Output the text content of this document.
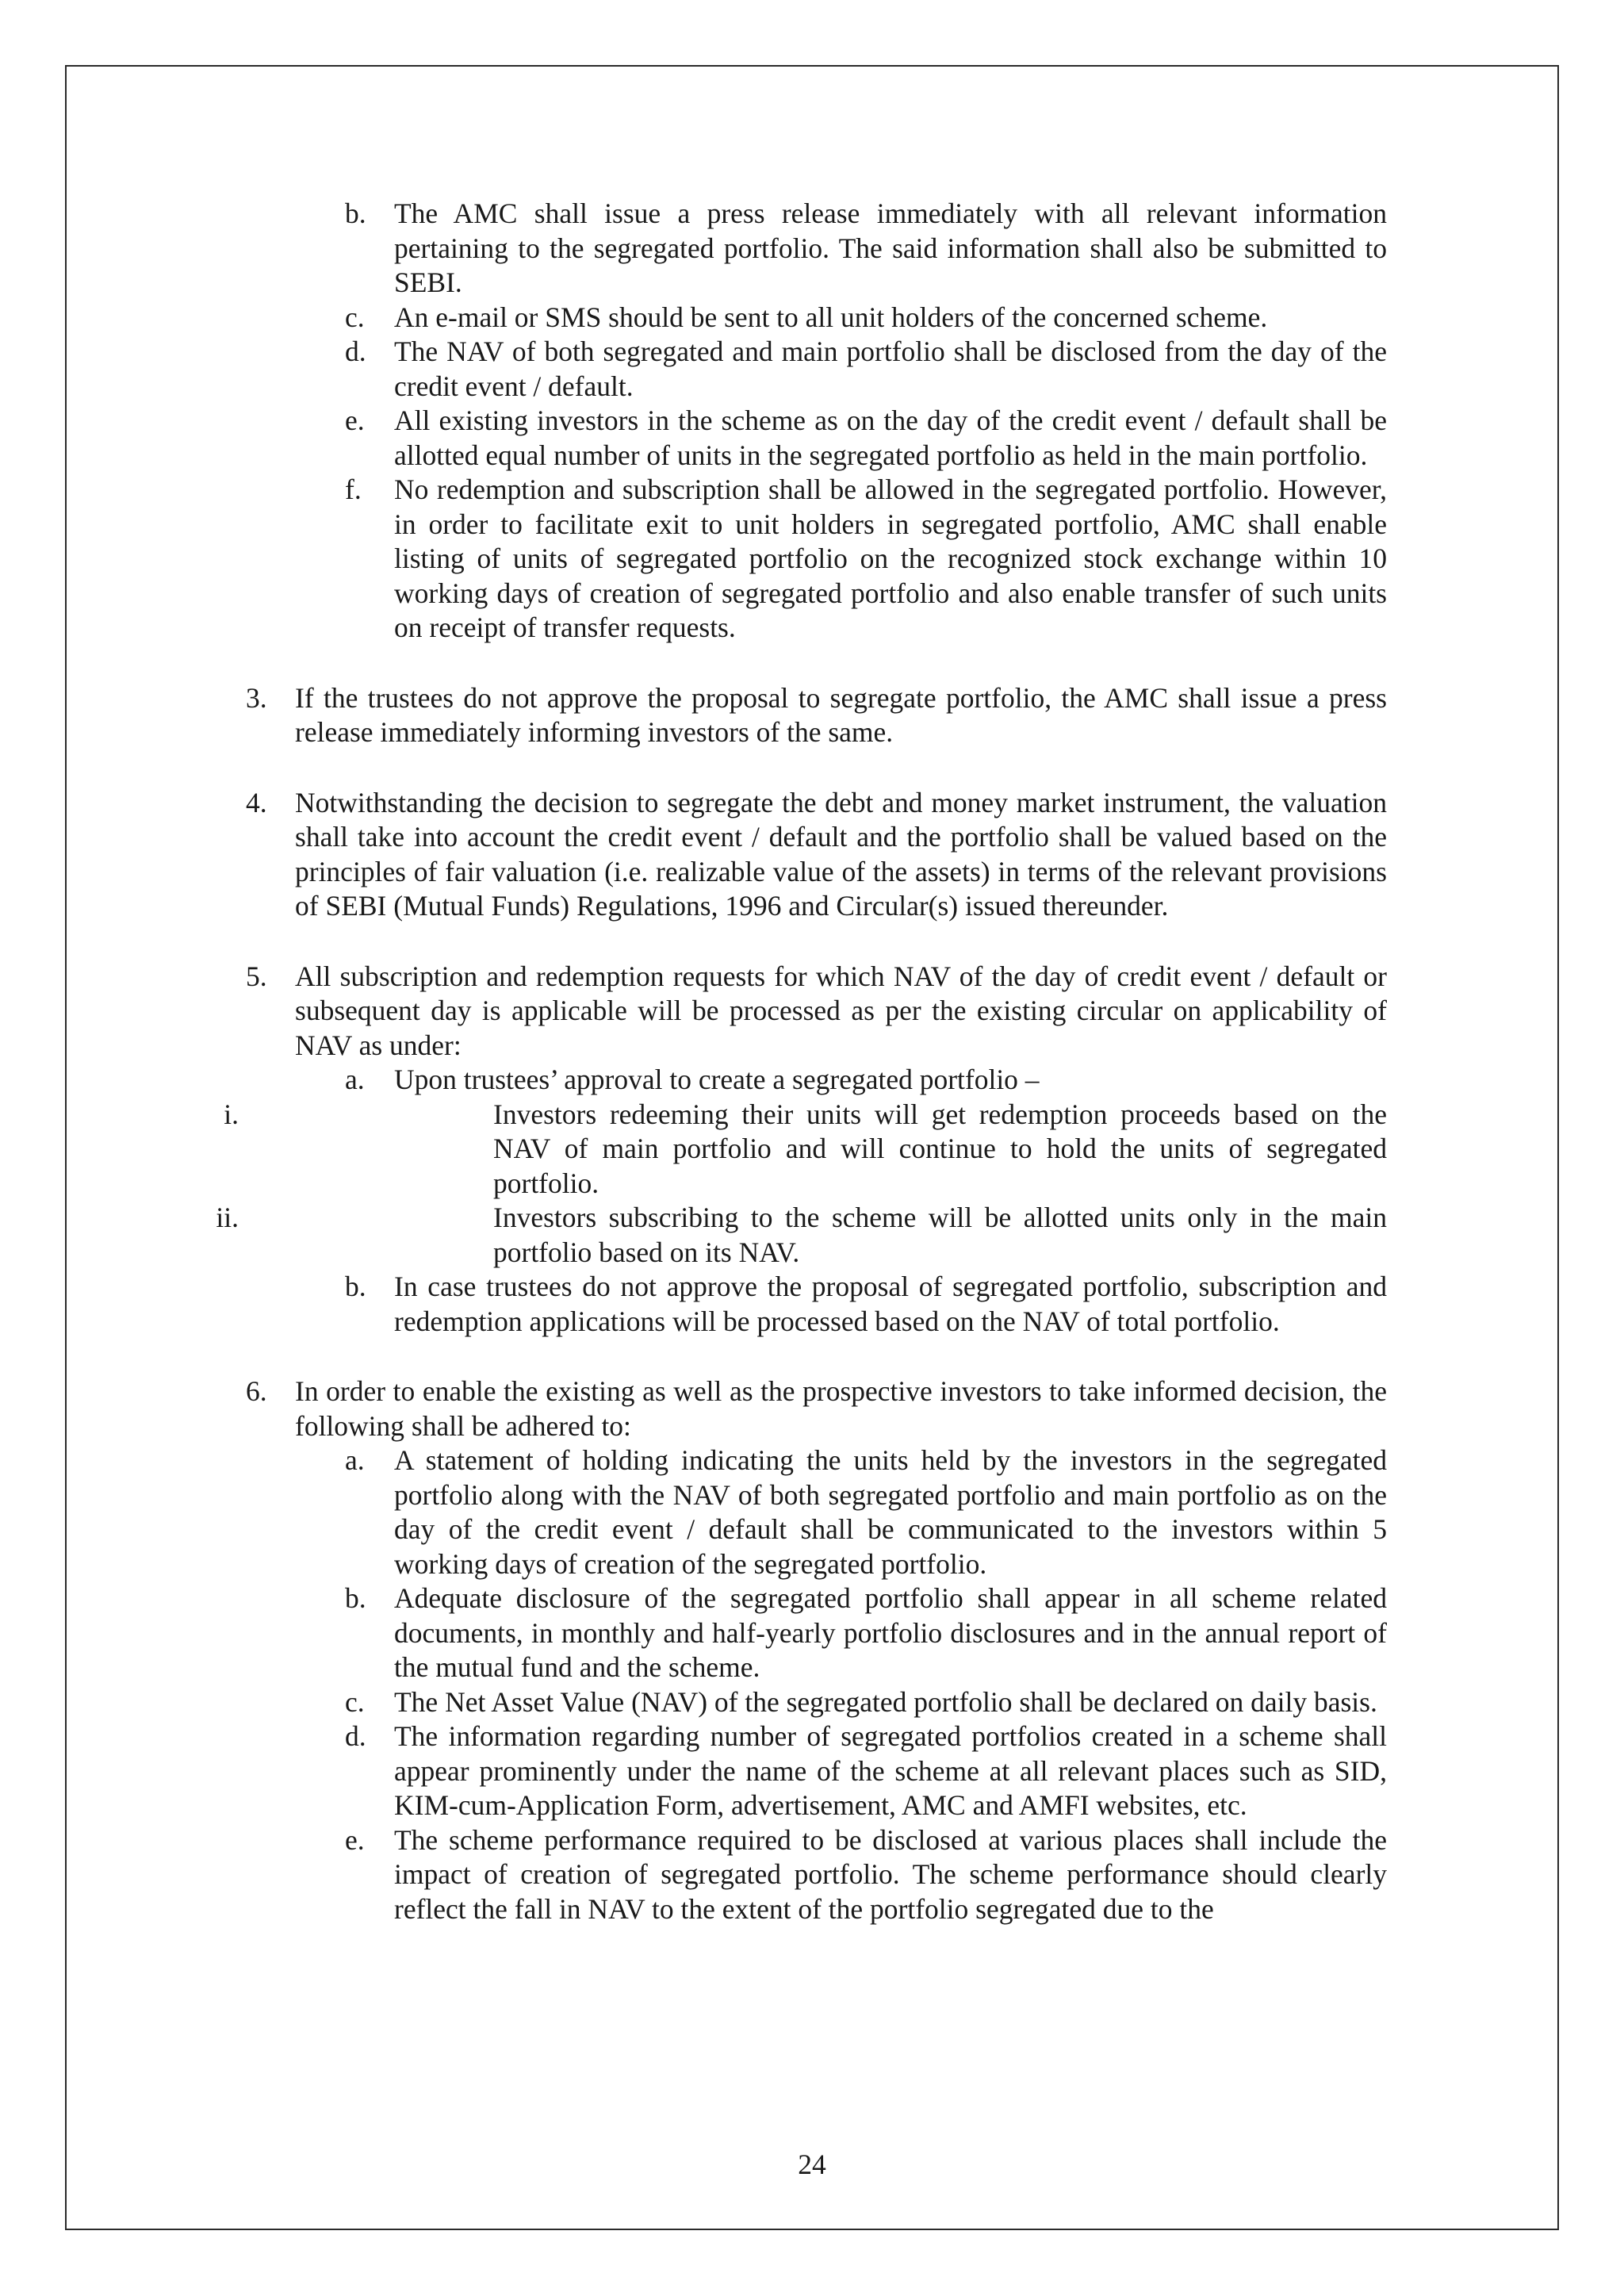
b. The AMC shall issue a press release immediately with all relevant information pertaining to the segregated portfolio. The said information shall also be submitted to SEBI.
c. An e-mail or SMS should be sent to all unit holders of the concerned scheme.
d. The NAV of both segregated and main portfolio shall be disclosed from the day of the credit event / default.
e. All existing investors in the scheme as on the day of the credit event / default shall be allotted equal number of units in the segregated portfolio as held in the main portfolio.
f. No redemption and subscription shall be allowed in the segregated portfolio. However, in order to facilitate exit to unit holders in segregated portfolio, AMC shall enable listing of units of segregated portfolio on the recognized stock exchange within 10 working days of creation of segregated portfolio and also enable transfer of such units on receipt of transfer requests.
3. If the trustees do not approve the proposal to segregate portfolio, the AMC shall issue a press release immediately informing investors of the same.
4. Notwithstanding the decision to segregate the debt and money market instrument, the valuation shall take into account the credit event / default and the portfolio shall be valued based on the principles of fair valuation (i.e. realizable value of the assets) in terms of the relevant provisions of SEBI (Mutual Funds) Regulations, 1996 and Circular(s) issued thereunder.
5. All subscription and redemption requests for which NAV of the day of credit event / default or subsequent day is applicable will be processed as per the existing circular on applicability of NAV as under:
a. Upon trustees’ approval to create a segregated portfolio –
i.	Investors redeeming their units will get redemption proceeds based on the NAV of main portfolio and will continue to hold the units of segregated portfolio.
ii.	Investors subscribing to the scheme will be allotted units only in the main portfolio based on its NAV.
b. In case trustees do not approve the proposal of segregated portfolio, subscription and redemption applications will be processed based on the NAV of total portfolio.
6. In order to enable the existing as well as the prospective investors to take informed decision, the following shall be adhered to:
a. A statement of holding indicating the units held by the investors in the segregated portfolio along with the NAV of both segregated portfolio and main portfolio as on the day of the credit event / default shall be communicated to the investors within 5 working days of creation of the segregated portfolio.
b. Adequate disclosure of the segregated portfolio shall appear in all scheme related documents, in monthly and half-yearly portfolio disclosures and in the annual report of the mutual fund and the scheme.
c. The Net Asset Value (NAV) of the segregated portfolio shall be declared on daily basis.
d. The information regarding number of segregated portfolios created in a scheme shall appear prominently under the name of the scheme at all relevant places such as SID, KIM-cum-Application Form, advertisement, AMC and AMFI websites, etc.
e. The scheme performance required to be disclosed at various places shall include the impact of creation of segregated portfolio. The scheme performance should clearly reflect the fall in NAV to the extent of the portfolio segregated due to the
24
